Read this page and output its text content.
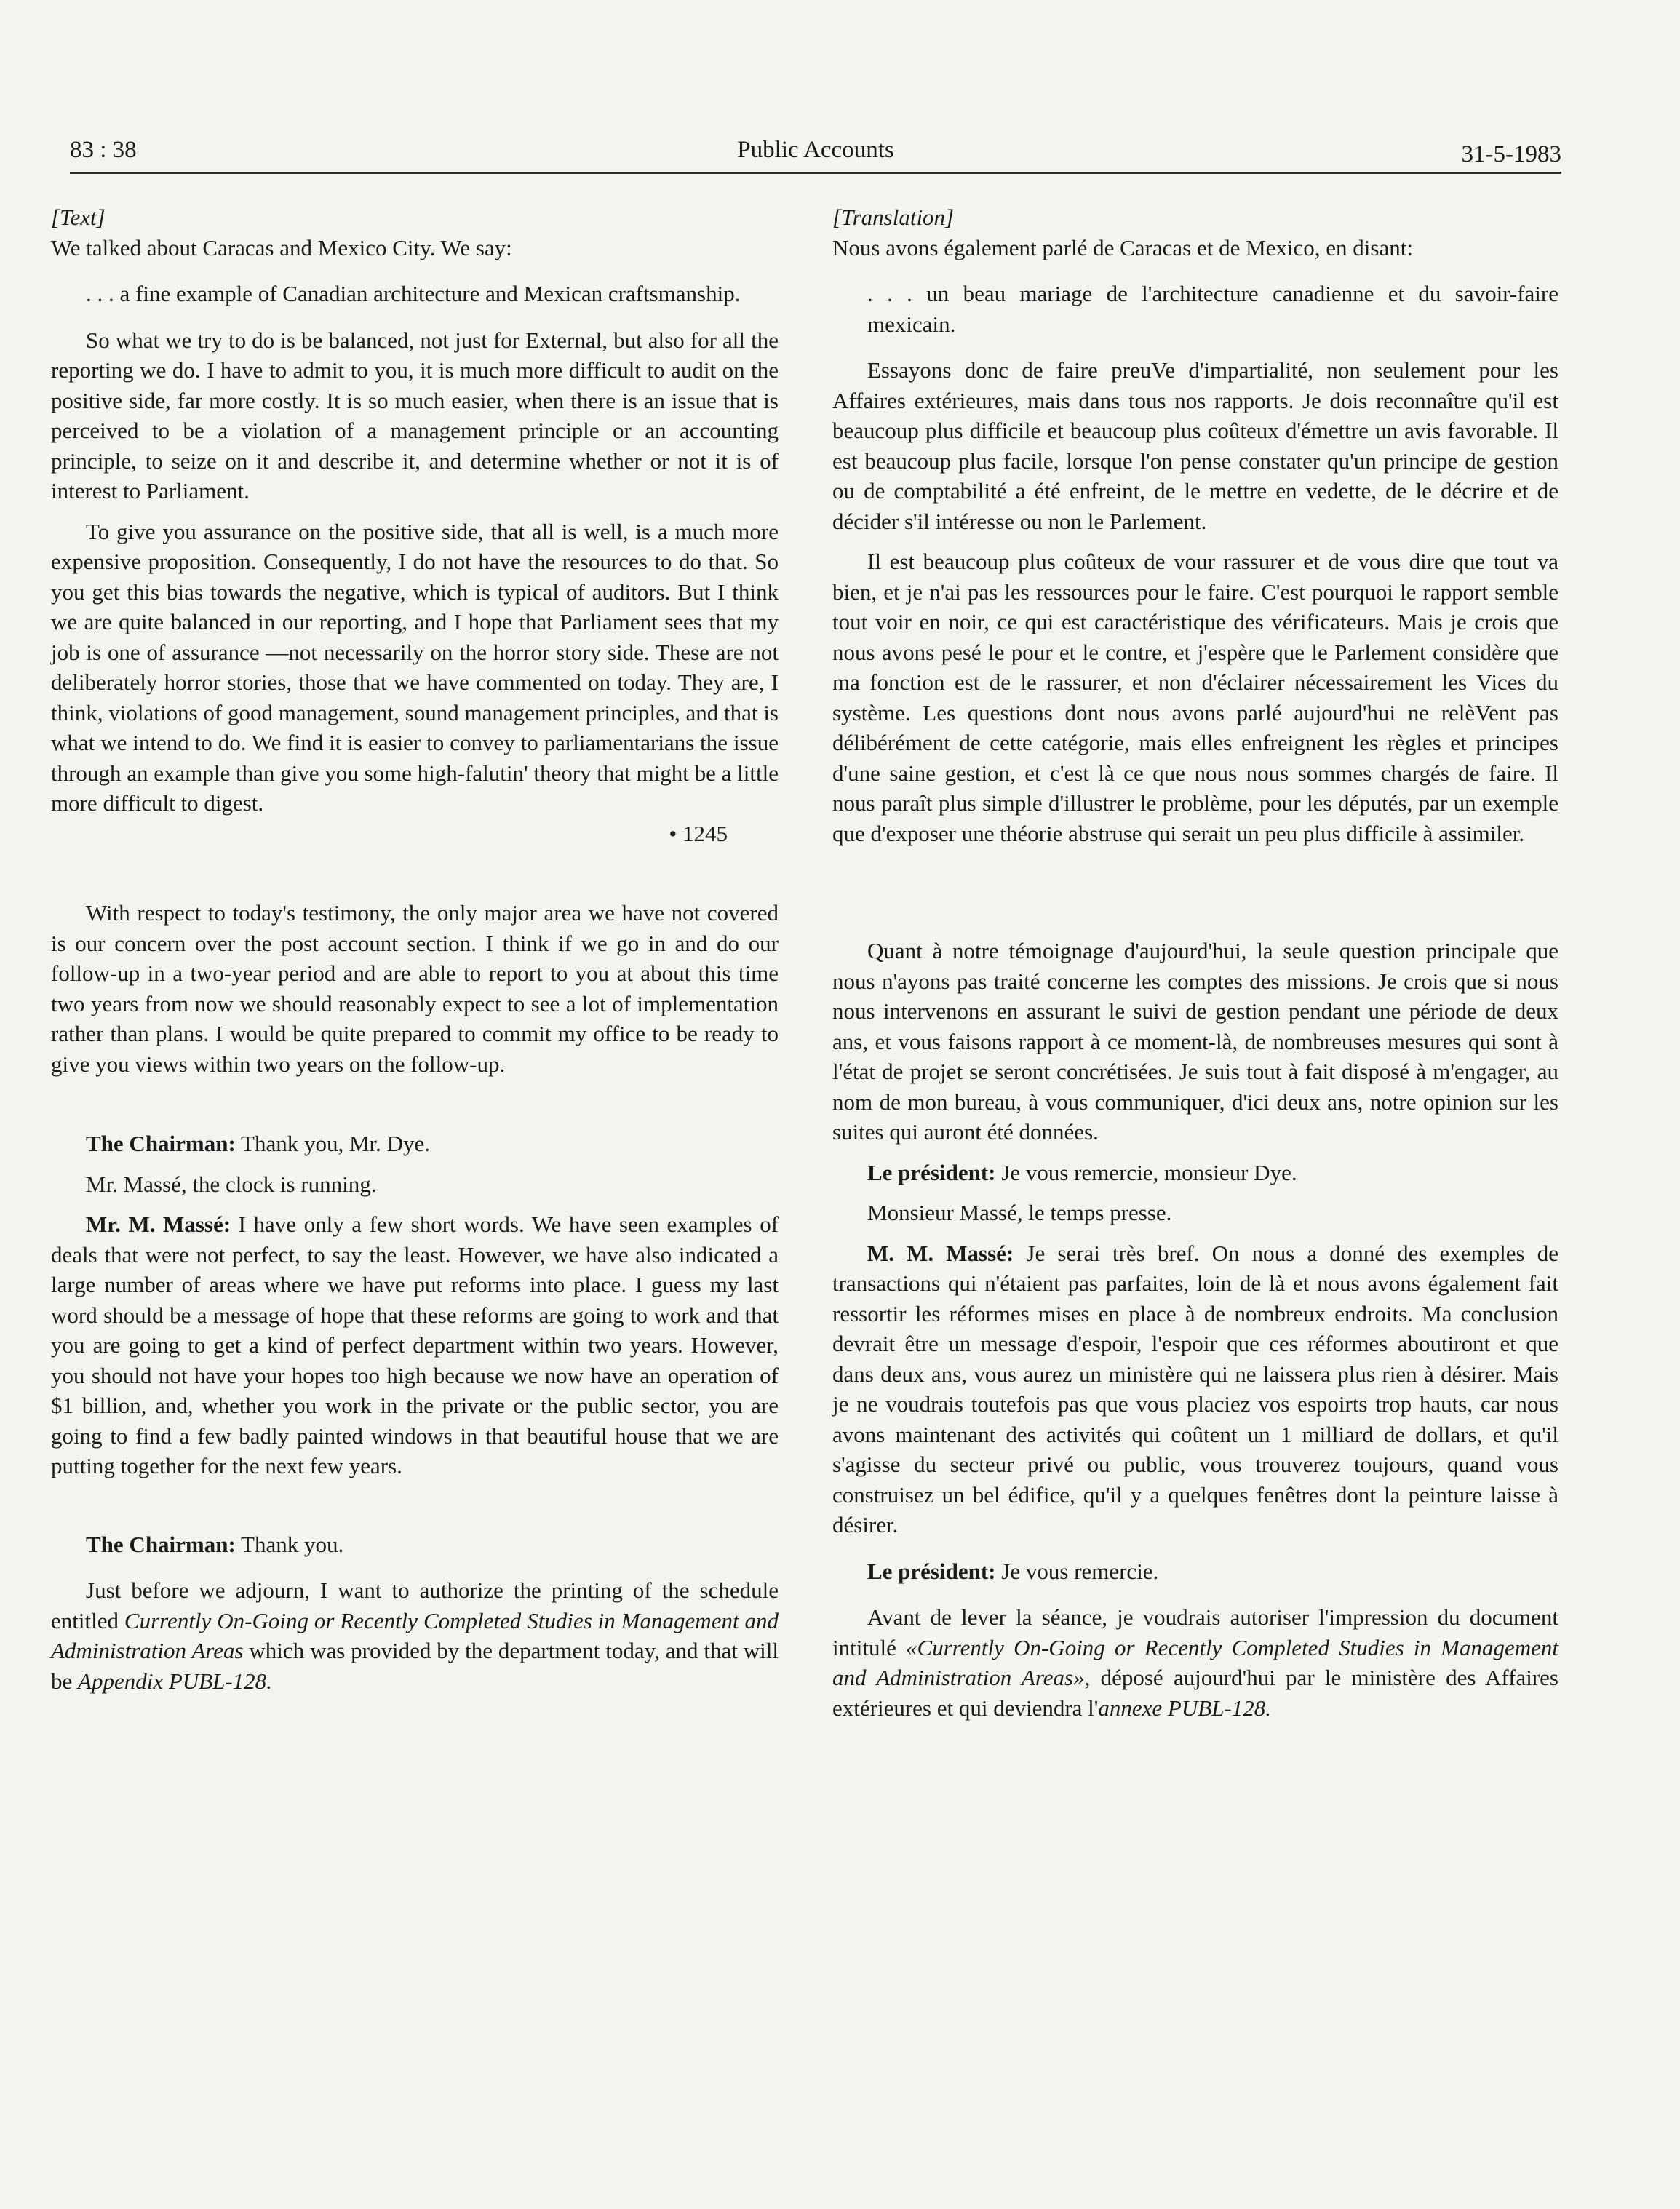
83 : 38	Public Accounts	31-5-1983

[Text]

We talked about Caracas and Mexico City. We say:

. . . a fine example of Canadian architecture and Mexican craftsmanship.

So what we try to do is be balanced, not just for External, but also for all the reporting we do. I have to admit to you, it is much more difficult to audit on the positive side, far more costly. It is so much easier, when there is an issue that is perceived to be a violation of a management principle or an accounting principle, to seize on it and describe it, and determine whether or not it is of interest to Parliament.

To give you assurance on the positive side, that all is well, is a much more expensive proposition. Consequently, I do not have the resources to do that. So you get this bias towards the negative, which is typical of auditors. But I think we are quite balanced in our reporting, and I hope that Parliament sees that my job is one of assurance —not necessarily on the horror story side. These are not deliberately horror stories, those that we have commented on today. They are, I think, violations of good management, sound management principles, and that is what we intend to do. We find it is easier to convey to parliamentarians the issue through an example than give you some high-falutin' theory that might be a little more difficult to digest.

• 1245

With respect to today's testimony, the only major area we have not covered is our concern over the post account section. I think if we go in and do our follow-up in a two-year period and are able to report to you at about this time two years from now we should reasonably expect to see a lot of implementation rather than plans. I would be quite prepared to commit my office to be ready to give you views within two years on the follow-up.

The Chairman: Thank you, Mr. Dye.

Mr. Massé, the clock is running.

Mr. M. Massé: I have only a few short words. We have seen examples of deals that were not perfect, to say the least. However, we have also indicated a large number of areas where we have put reforms into place. I guess my last word should be a message of hope that these reforms are going to work and that you are going to get a kind of perfect department within two years. However, you should not have your hopes too high because we now have an operation of $1 billion, and, whether you work in the private or the public sector, you are going to find a few badly painted windows in that beautiful house that we are putting together for the next few years.

The Chairman: Thank you.

Just before we adjourn, I want to authorize the printing of the schedule entitled Currently On-Going or Recently Completed Studies in Management and Administration Areas which was provided by the department today, and that will be Appendix PUBL-128.

[Translation]

Nous avons également parlé de Caracas et de Mexico, en disant:

. . . un beau mariage de l'architecture canadienne et du savoir-faire mexicain.

Essayons donc de faire preuVe d'impartialité, non seulement pour les Affaires extérieures, mais dans tous nos rapports. Je dois reconnaître qu'il est beaucoup plus difficile et beaucoup plus coûteux d'émettre un avis favorable. Il est beaucoup plus facile, lorsque l'on pense constater qu'un principe de gestion ou de comptabilité a été enfreint, de le mettre en vedette, de le décrire et de décider s'il intéresse ou non le Parlement.

Il est beaucoup plus coûteux de vour rassurer et de vous dire que tout va bien, et je n'ai pas les ressources pour le faire. C'est pourquoi le rapport semble tout voir en noir, ce qui est caractéristique des vérificateurs. Mais je crois que nous avons pesé le pour et le contre, et j'espère que le Parlement considère que ma fonction est de le rassurer, et non d'éclairer nécessairement les Vices du système. Les questions dont nous avons parlé aujourd'hui ne relèVent pas délibérément de cette catégorie, mais elles enfreignent les règles et principes d'une saine gestion, et c'est là ce que nous nous sommes chargés de faire. Il nous paraît plus simple d'illustrer le problème, pour les députés, par un exemple que d'exposer une théorie abstruse qui serait un peu plus difficile à assimiler.

Quant à notre témoignage d'aujourd'hui, la seule question principale que nous n'ayons pas traité concerne les comptes des missions. Je crois que si nous nous intervenons en assurant le suivi de gestion pendant une période de deux ans, et vous faisons rapport à ce moment-là, de nombreuses mesures qui sont à l'état de projet se seront concrétisées. Je suis tout à fait disposé à m'engager, au nom de mon bureau, à vous communiquer, d'ici deux ans, notre opinion sur les suites qui auront été données.

Le président: Je vous remercie, monsieur Dye.

Monsieur Massé, le temps presse.

M. M. Massé: Je serai très bref. On nous a donné des exemples de transactions qui n'étaient pas parfaites, loin de là et nous avons également fait ressortir les réformes mises en place à de nombreux endroits. Ma conclusion devrait être un message d'espoir, l'espoir que ces réformes aboutiront et que dans deux ans, vous aurez un ministère qui ne laissera plus rien à désirer. Mais je ne voudrais toutefois pas que vous placiez vos espoirts trop hauts, car nous avons maintenant des activités qui coûtent un 1 milliard de dollars, et qu'il s'agisse du secteur privé ou public, vous trouverez toujours, quand vous construisez un bel édifice, qu'il y a quelques fenêtres dont la peinture laisse à désirer.

Le président: Je vous remercie.

Avant de lever la séance, je voudrais autoriser l'impression du document intitulé «Currently On-Going or Recently Completed Studies in Management and Administration Areas», déposé aujourd'hui par le ministère des Affaires extérieures et qui deviendra l'annexe PUBL-128.
